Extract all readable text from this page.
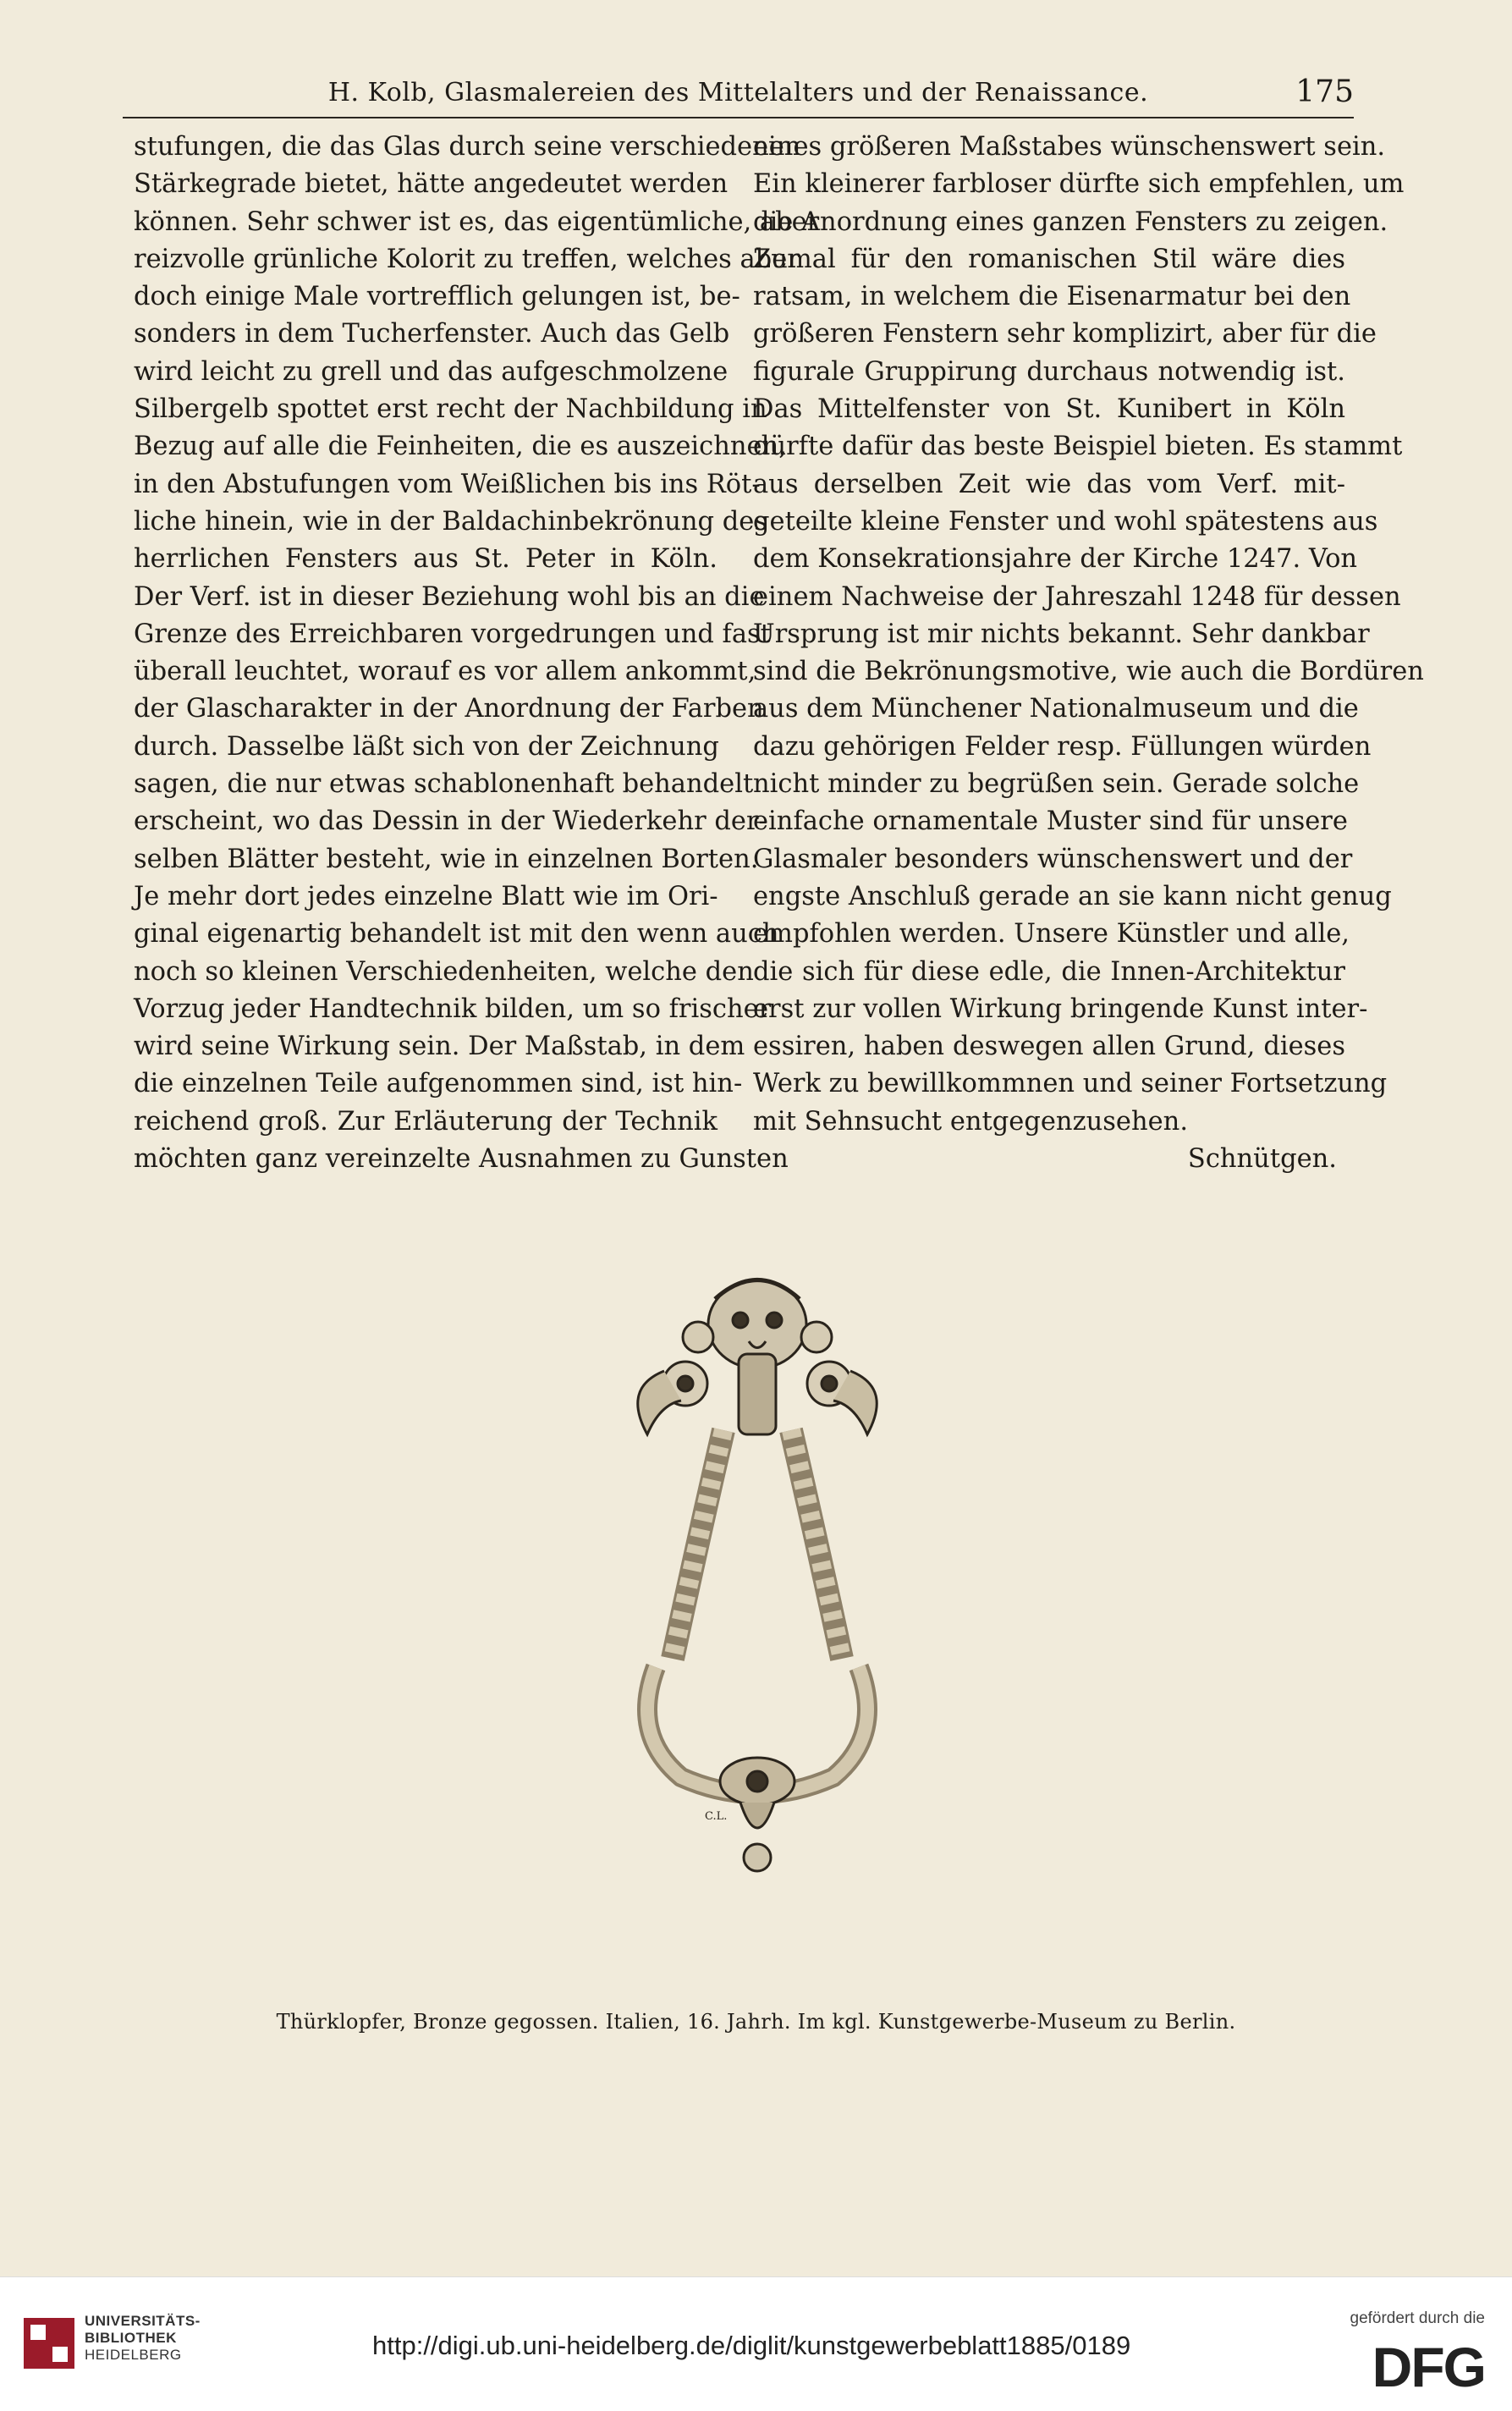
H. Kolb, Glasmalereien des Mittelalters und der Renaissance.	175
stufungen, die das Glas durch seine verschiedenen
Stärkegrade bietet, hätte angedeutet werden
können. Sehr schwer ist es, das eigentümliche, aber
reizvolle grünliche Kolorit zu treffen, welches aber
doch einige Male vortrefflich gelungen ist, be-
sonders in dem Tucherfenster. Auch das Gelb
wird leicht zu grell und das aufgeschmolzene
Silbergelb spottet erst recht der Nachbildung in
Bezug auf alle die Feinheiten, die es auszeichnen,
in den Abstufungen vom Weißlichen bis ins Röt-
liche hinein, wie in der Baldachinbekrönung des
herrlichen Fensters aus St. Peter in Köln.
Der Verf. ist in dieser Beziehung wohl bis an die
Grenze des Erreichbaren vorgedrungen und fast
überall leuchtet, worauf es vor allem ankommt,
der Glascharakter in der Anordnung der Farben
durch. Dasselbe läßt sich von der Zeichnung
sagen, die nur etwas schablonenhaft behandelt
erscheint, wo das Dessin in der Wiederkehr der-
selben Blätter besteht, wie in einzelnen Borten.
Je mehr dort jedes einzelne Blatt wie im Ori-
ginal eigenartig behandelt ist mit den wenn auch
noch so kleinen Verschiedenheiten, welche den
Vorzug jeder Handtechnik bilden, um so frischer
wird seine Wirkung sein. Der Maßstab, in dem
die einzelnen Teile aufgenommen sind, ist hin-
reichend groß. Zur Erläuterung der Technik
möchten ganz vereinzelte Ausnahmen zu Gunsten
eines größeren Maßstabes wünschenswert sein.
Ein kleinerer farbloser dürfte sich empfehlen, um
die Anordnung eines ganzen Fensters zu zeigen.
Zumal für den romanischen Stil wäre dies
ratsam, in welchem die Eisenarmatur bei den
größeren Fenstern sehr komplizirt, aber für die
figurale Gruppirung durchaus notwendig ist.
Das Mittelfenster von St. Kunibert in Köln
dürfte dafür das beste Beispiel bieten. Es stammt
aus derselben Zeit wie das vom Verf. mit-
geteilte kleine Fenster und wohl spätestens aus
dem Konsekrationsjahre der Kirche 1247. Von
einem Nachweise der Jahreszahl 1248 für dessen
Ursprung ist mir nichts bekannt. Sehr dankbar
sind die Bekrönungsmotive, wie auch die Bordüren
aus dem Münchener Nationalmuseum und die
dazu gehörigen Felder resp. Füllungen würden
nicht minder zu begrüßen sein. Gerade solche
einfache ornamentale Muster sind für unsere
Glasmaler besonders wünschenswert und der
engste Anschluß gerade an sie kann nicht genug
empfohlen werden. Unsere Künstler und alle,
die sich für diese edle, die Innen-Architektur
erst zur vollen Wirkung bringende Kunst inter-
essiren, haben deswegen allen Grund, dieses
Werk zu bewillkommnen und seiner Fortsetzung
mit Sehnsucht entgegenzusehen.
Schnütgen.
C.L.
Thürklopfer, Bronze gegossen. Italien, 16. Jahrh. Im kgl. Kunstgewerbe-Museum zu Berlin.
UNIVERSITÄTS-
BIBLIOTHEK
HEIDELBERG	http://digi.ub.uni-heidelberg.de/diglit/kunstgewerbeblatt1885/0189
gefördert durch die
DFG
